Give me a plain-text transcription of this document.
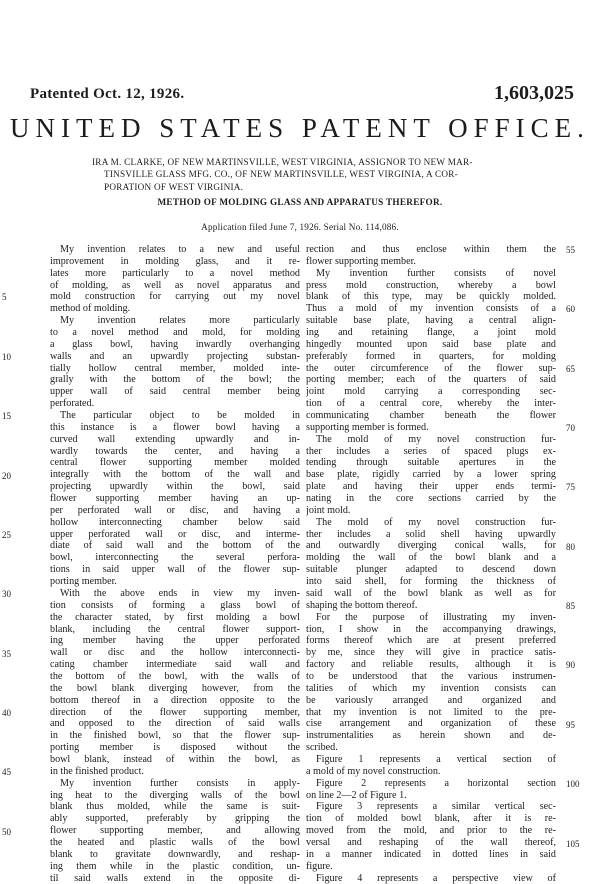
Patented Oct. 12, 1926.	1,603,025
UNITED STATES PATENT OFFICE.
IRA M. CLARKE, OF NEW MARTINSVILLE, WEST VIRGINIA, ASSIGNOR TO NEW MAR-
TINSVILLE GLASS MFG. CO., OF NEW MARTINSVILLE, WEST VIRGINIA, A COR-
PORATION OF WEST VIRGINIA.
METHOD OF MOLDING GLASS AND APPARATUS THEREFOR.
Application filed June 7, 1926. Serial No. 114,086.
My invention relates to a new and useful
improvement in molding glass, and it re-
lates more particularly to a novel method
of molding, as well as novel apparatus and
mold construction for carrying out my novel
method of molding.
My invention relates more particularly
to a novel method and mold, for molding
a glass bowl, having inwardly overhanging
walls and an upwardly projecting substan-
tially hollow central member, molded inte-
grally with the bottom of the bowl; the
upper wall of said central member being
perforated.
The particular object to be molded in
this instance is a flower bowl having a
curved wall extending upwardly and in-
wardly towards the center, and having a
central flower supporting member molded
integrally with the bottom of the wall and
projecting upwardly within the bowl, said
flower supporting member having an up-
per perforated wall or disc, and having a
hollow interconnecting chamber below said
upper perforated wall or disc, and interme-
diate of said wall and the bottom of the
bowl, interconnecting the several perfora-
tions in said upper wall of the flower sup-
porting member.
With the above ends in view my inven-
tion consists of forming a glass bowl of
the character stated, by first molding a bowl
blank, including the central flower support-
ing member having the upper perforated
wall or disc and the hollow interconnecti-
cating chamber intermediate said wall and
the bottom of the bowl, with the walls of
the bowl blank diverging however, from the
bottom thereof in a direction opposite to the
direction of the flower supporting member,
and opposed to the direction of said walls
in the finished bowl, so that the flower sup-
porting member is disposed without the
bowl blank, instead of within the bowl, as
in the finished product.
My invention further consists in apply-
ing heat to the diverging walls of the bowl
blank thus molded, while the same is suit-
ably supported, preferably by gripping the
flower supporting member, and allowing
the heated and plastic walls of the bowl
blank to gravitate downwardly, and reshap-
ing them while in the plastic condition, un-
til said walls extend in the opposite di-
rection and thus enclose within them the
flower supporting member.
My invention further consists of novel
press mold construction, whereby a bowl
blank of this type, may be quickly molded.
Thus a mold of my invention consists of a
suitable base plate, having a central align-
ing and retaining flange, a joint mold
hingedly mounted upon said base plate and
preferably formed in quarters, for molding
the outer circumference of the flower sup-
porting member; each of the quarters of said
joint mold carrying a corresponding sec-
tion of a central core, whereby the inter-
communicating chamber beneath the flower
supporting member is formed.
The mold of my novel construction fur-
ther includes a series of spaced plugs ex-
tending through suitable apertures in the
base plate, rigidly carried by a lower spring
plate and having their upper ends termi-
nating in the core sections carried by the
joint mold.
The mold of my novel construction fur-
ther includes a solid shell having upwardly
and outwardly diverging conical walls, for
molding the wall of the bowl blank and a
suitable plunger adapted to descend down
into said shell, for forming the thickness of
said wall of the bowl blank as well as for
shaping the bottom thereof.
For the purpose of illustrating my inven-
tion, I show in the accompanying drawings,
forms thereof which are at present preferred
by me, since they will give in practice satis-
factory and reliable results, although it is
to be understood that the various instrumen-
talities of which my invention consists can
be variously arranged and organized and
that my invention is not limited to the pre-
cise arrangement and organization of these
instrumentalities as herein shown and de-
scribed.
Figure 1 represents a vertical section of
a mold of my novel construction.
Figure 2 represents a horizontal section
on line 2—2 of Figure 1.
Figure 3 represents a similar vertical sec-
tion of molded bowl blank, after it is re-
moved from the mold, and prior to the re-
versal and reshaping of the wall thereof,
in a manner indicated in dotted lines in said
figure.
Figure 4 represents a perspective view of
5
10
15
20
25
30
35
40
45
50
55
60
65
70
75
80
85
90
95
100
105
